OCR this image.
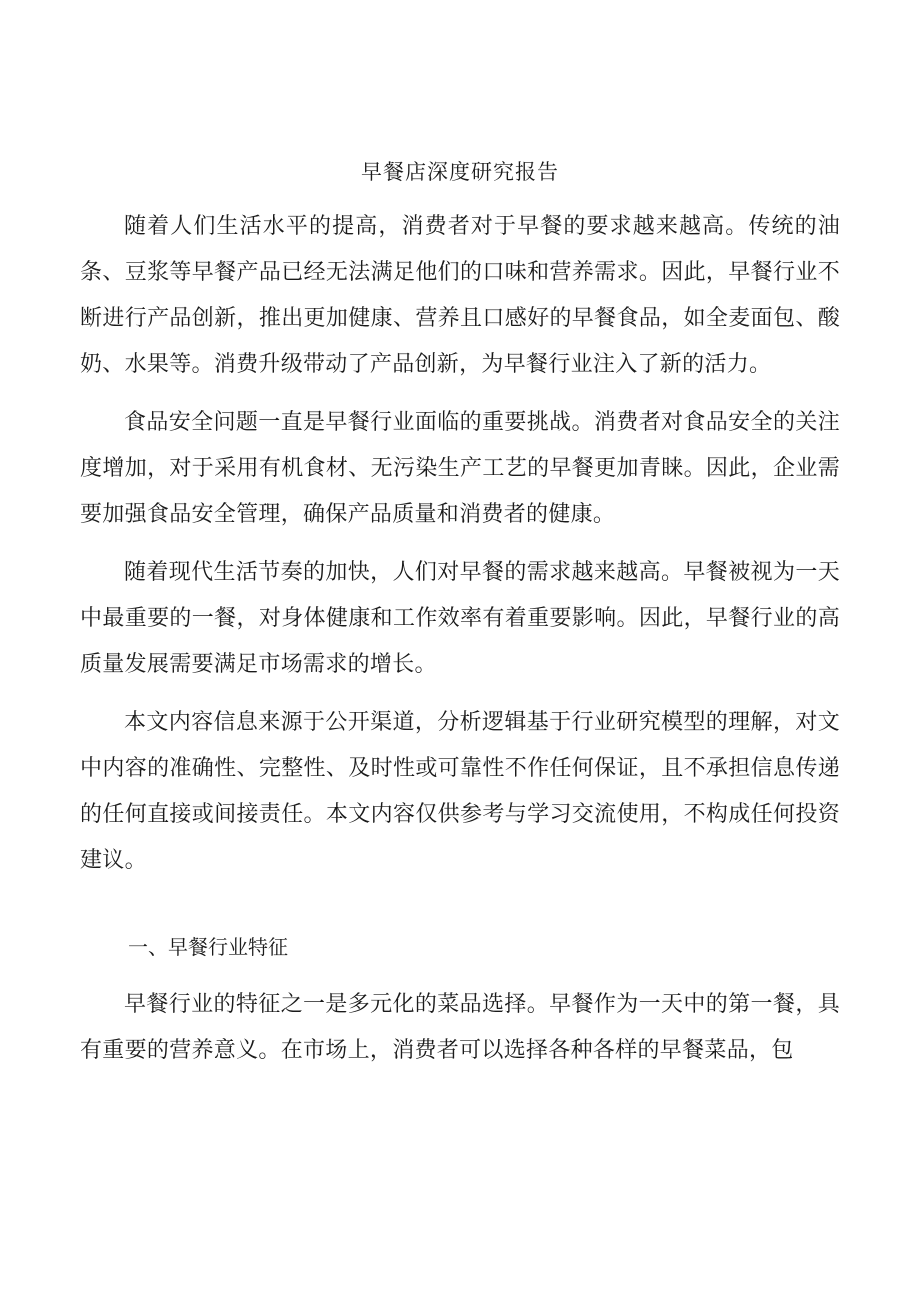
早餐店深度研究报告

随着人们生活水平的提高，消费者对于早餐的要求越来越高。传统的油条、豆浆等早餐产品已经无法满足他们的口味和营养需求。因此，早餐行业不断进行产品创新，推出更加健康、营养且口感好的早餐食品，如全麦面包、酸奶、水果等。消费升级带动了产品创新，为早餐行业注入了新的活力。

食品安全问题一直是早餐行业面临的重要挑战。消费者对食品安全的关注度增加，对于采用有机食材、无污染生产工艺的早餐更加青睐。因此，企业需要加强食品安全管理，确保产品质量和消费者的健康。

随着现代生活节奏的加快，人们对早餐的需求越来越高。早餐被视为一天中最重要的一餐，对身体健康和工作效率有着重要影响。因此，早餐行业的高质量发展需要满足市场需求的增长。

本文内容信息来源于公开渠道，分析逻辑基于行业研究模型的理解，对文中内容的准确性、完整性、及时性或可靠性不作任何保证，且不承担信息传递的任何直接或间接责任。本文内容仅供参考与学习交流使用，不构成任何投资建议。

一、早餐行业特征

早餐行业的特征之一是多元化的菜品选择。早餐作为一天中的第一餐，具有重要的营养意义。在市场上，消费者可以选择各种各样的早餐菜品，包
